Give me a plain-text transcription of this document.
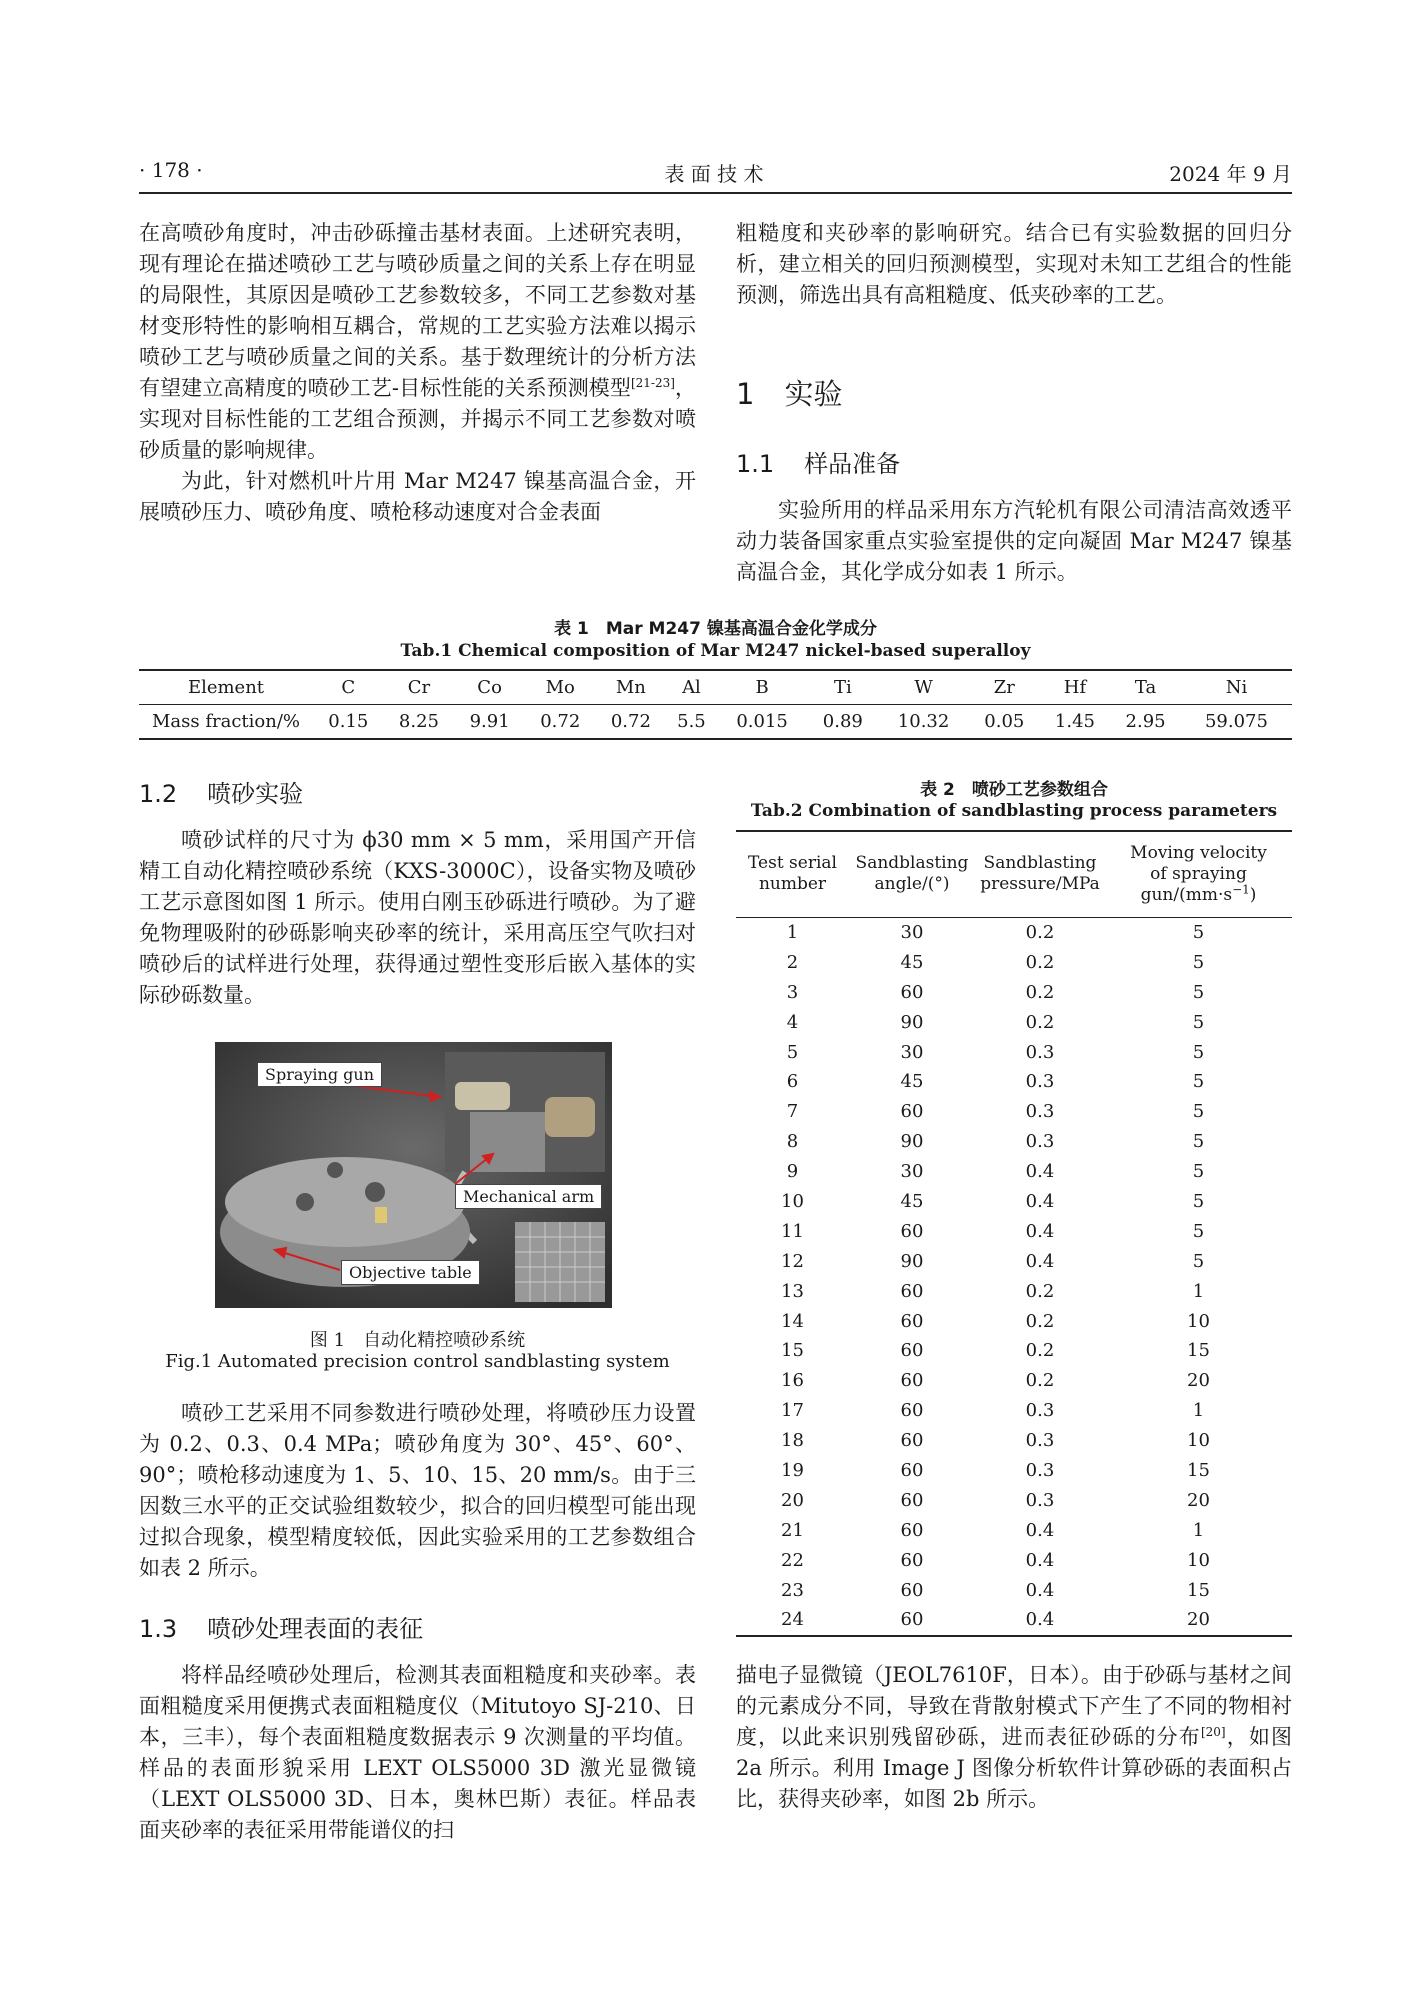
· 178 ·	表 面 技 术	2024 年 9 月

在高喷砂角度时，冲击砂砾撞击基材表面。上述研究表明，现有理论在描述喷砂工艺与喷砂质量之间的关系上存在明显的局限性，其原因是喷砂工艺参数较多，不同工艺参数对基材变形特性的影响相互耦合，常规的工艺实验方法难以揭示喷砂工艺与喷砂质量之间的关系。基于数理统计的分析方法有望建立高精度的喷砂工艺-目标性能的关系预测模型[21-23]，实现对目标性能的工艺组合预测，并揭示不同工艺参数对喷砂质量的影响规律。

为此，针对燃机叶片用 Mar M247 镍基高温合金，开展喷砂压力、喷砂角度、喷枪移动速度对合金表面

粗糙度和夹砂率的影响研究。结合已有实验数据的回归分析，建立相关的回归预测模型，实现对未知工艺组合的性能预测，筛选出具有高粗糙度、低夹砂率的工艺。

1 实验
1.1 样品准备

实验所用的样品采用东方汽轮机有限公司清洁高效透平动力装备国家重点实验室提供的定向凝固 Mar M247 镍基高温合金，其化学成分如表 1 所示。

表 1　Mar M247 镍基高温合金化学成分
Tab.1 Chemical composition of Mar M247 nickel-based superalloy
Element	C	Cr	Co	Mo	Mn	Al	B	Ti	W	Zr	Hf	Ta	Ni
Mass fraction/%	0.15	8.25	9.91	0.72	0.72	5.5	0.015	0.89	10.32	0.05	1.45	2.95	59.075
1.2 喷砂实验

喷砂试样的尺寸为 ϕ30 mm × 5 mm，采用国产开信精工自动化精控喷砂系统（KXS-3000C），设备实物及喷砂工艺示意图如图 1 所示。使用白刚玉砂砾进行喷砂。为了避免物理吸附的砂砾影响夹砂率的统计，采用高压空气吹扫对喷砂后的试样进行处理，获得通过塑性变形后嵌入基体的实际砂砾数量。

Spraying gun
Mechanical arm
Objective table
图 1　自动化精控喷砂系统
Fig.1 Automated precision control sandblasting system

喷砂工艺采用不同参数进行喷砂处理，将喷砂压力设置为 0.2、0.3、0.4 MPa；喷砂角度为 30°、45°、60°、90°；喷枪移动速度为 1、5、10、15、20 mm/s。由于三因数三水平的正交试验组数较少，拟合的回归模型可能出现过拟合现象，模型精度较低，因此实验采用的工艺参数组合如表 2 所示。

1.3 喷砂处理表面的表征

将样品经喷砂处理后，检测其表面粗糙度和夹砂率。表面粗糙度采用便携式表面粗糙度仪（Mitutoyo SJ-210、日本，三丰），每个表面粗糙度数据表示 9 次测量的平均值。样品的表面形貌采用 LEXT OLS5000 3D 激光显微镜（LEXT OLS5000 3D、日本，奥林巴斯）表征。样品表面夹砂率的表征采用带能谱仪的扫

表 2　喷砂工艺参数组合
Tab.2 Combination of sandblasting process parameters
Test serial
number	Sandblasting
angle/(°)	Sandblasting
pressure/MPa	Moving velocity
of spraying
gun/$(mm\cdot s^{-1})$
1	30	0.2	5
2	45	0.2	5
3	60	0.2	5
4	90	0.2	5
5	30	0.3	5
6	45	0.3	5
7	60	0.3	5
8	90	0.3	5
9	30	0.4	5
10	45	0.4	5
11	60	0.4	5
12	90	0.4	5
13	60	0.2	1
14	60	0.2	10
15	60	0.2	15
16	60	0.2	20
17	60	0.3	1
18	60	0.3	10
19	60	0.3	15
20	60	0.3	20
21	60	0.4	1
22	60	0.4	10
23	60	0.4	15
24	60	0.4	20

描电子显微镜（JEOL7610F，日本）。由于砂砾与基材之间的元素成分不同，导致在背散射模式下产生了不同的物相衬度，以此来识别残留砂砾，进而表征砂砾的分布[20]，如图 2a 所示。利用 Image J 图像分析软件计算砂砾的表面积占比，获得夹砂率，如图 2b 所示。
